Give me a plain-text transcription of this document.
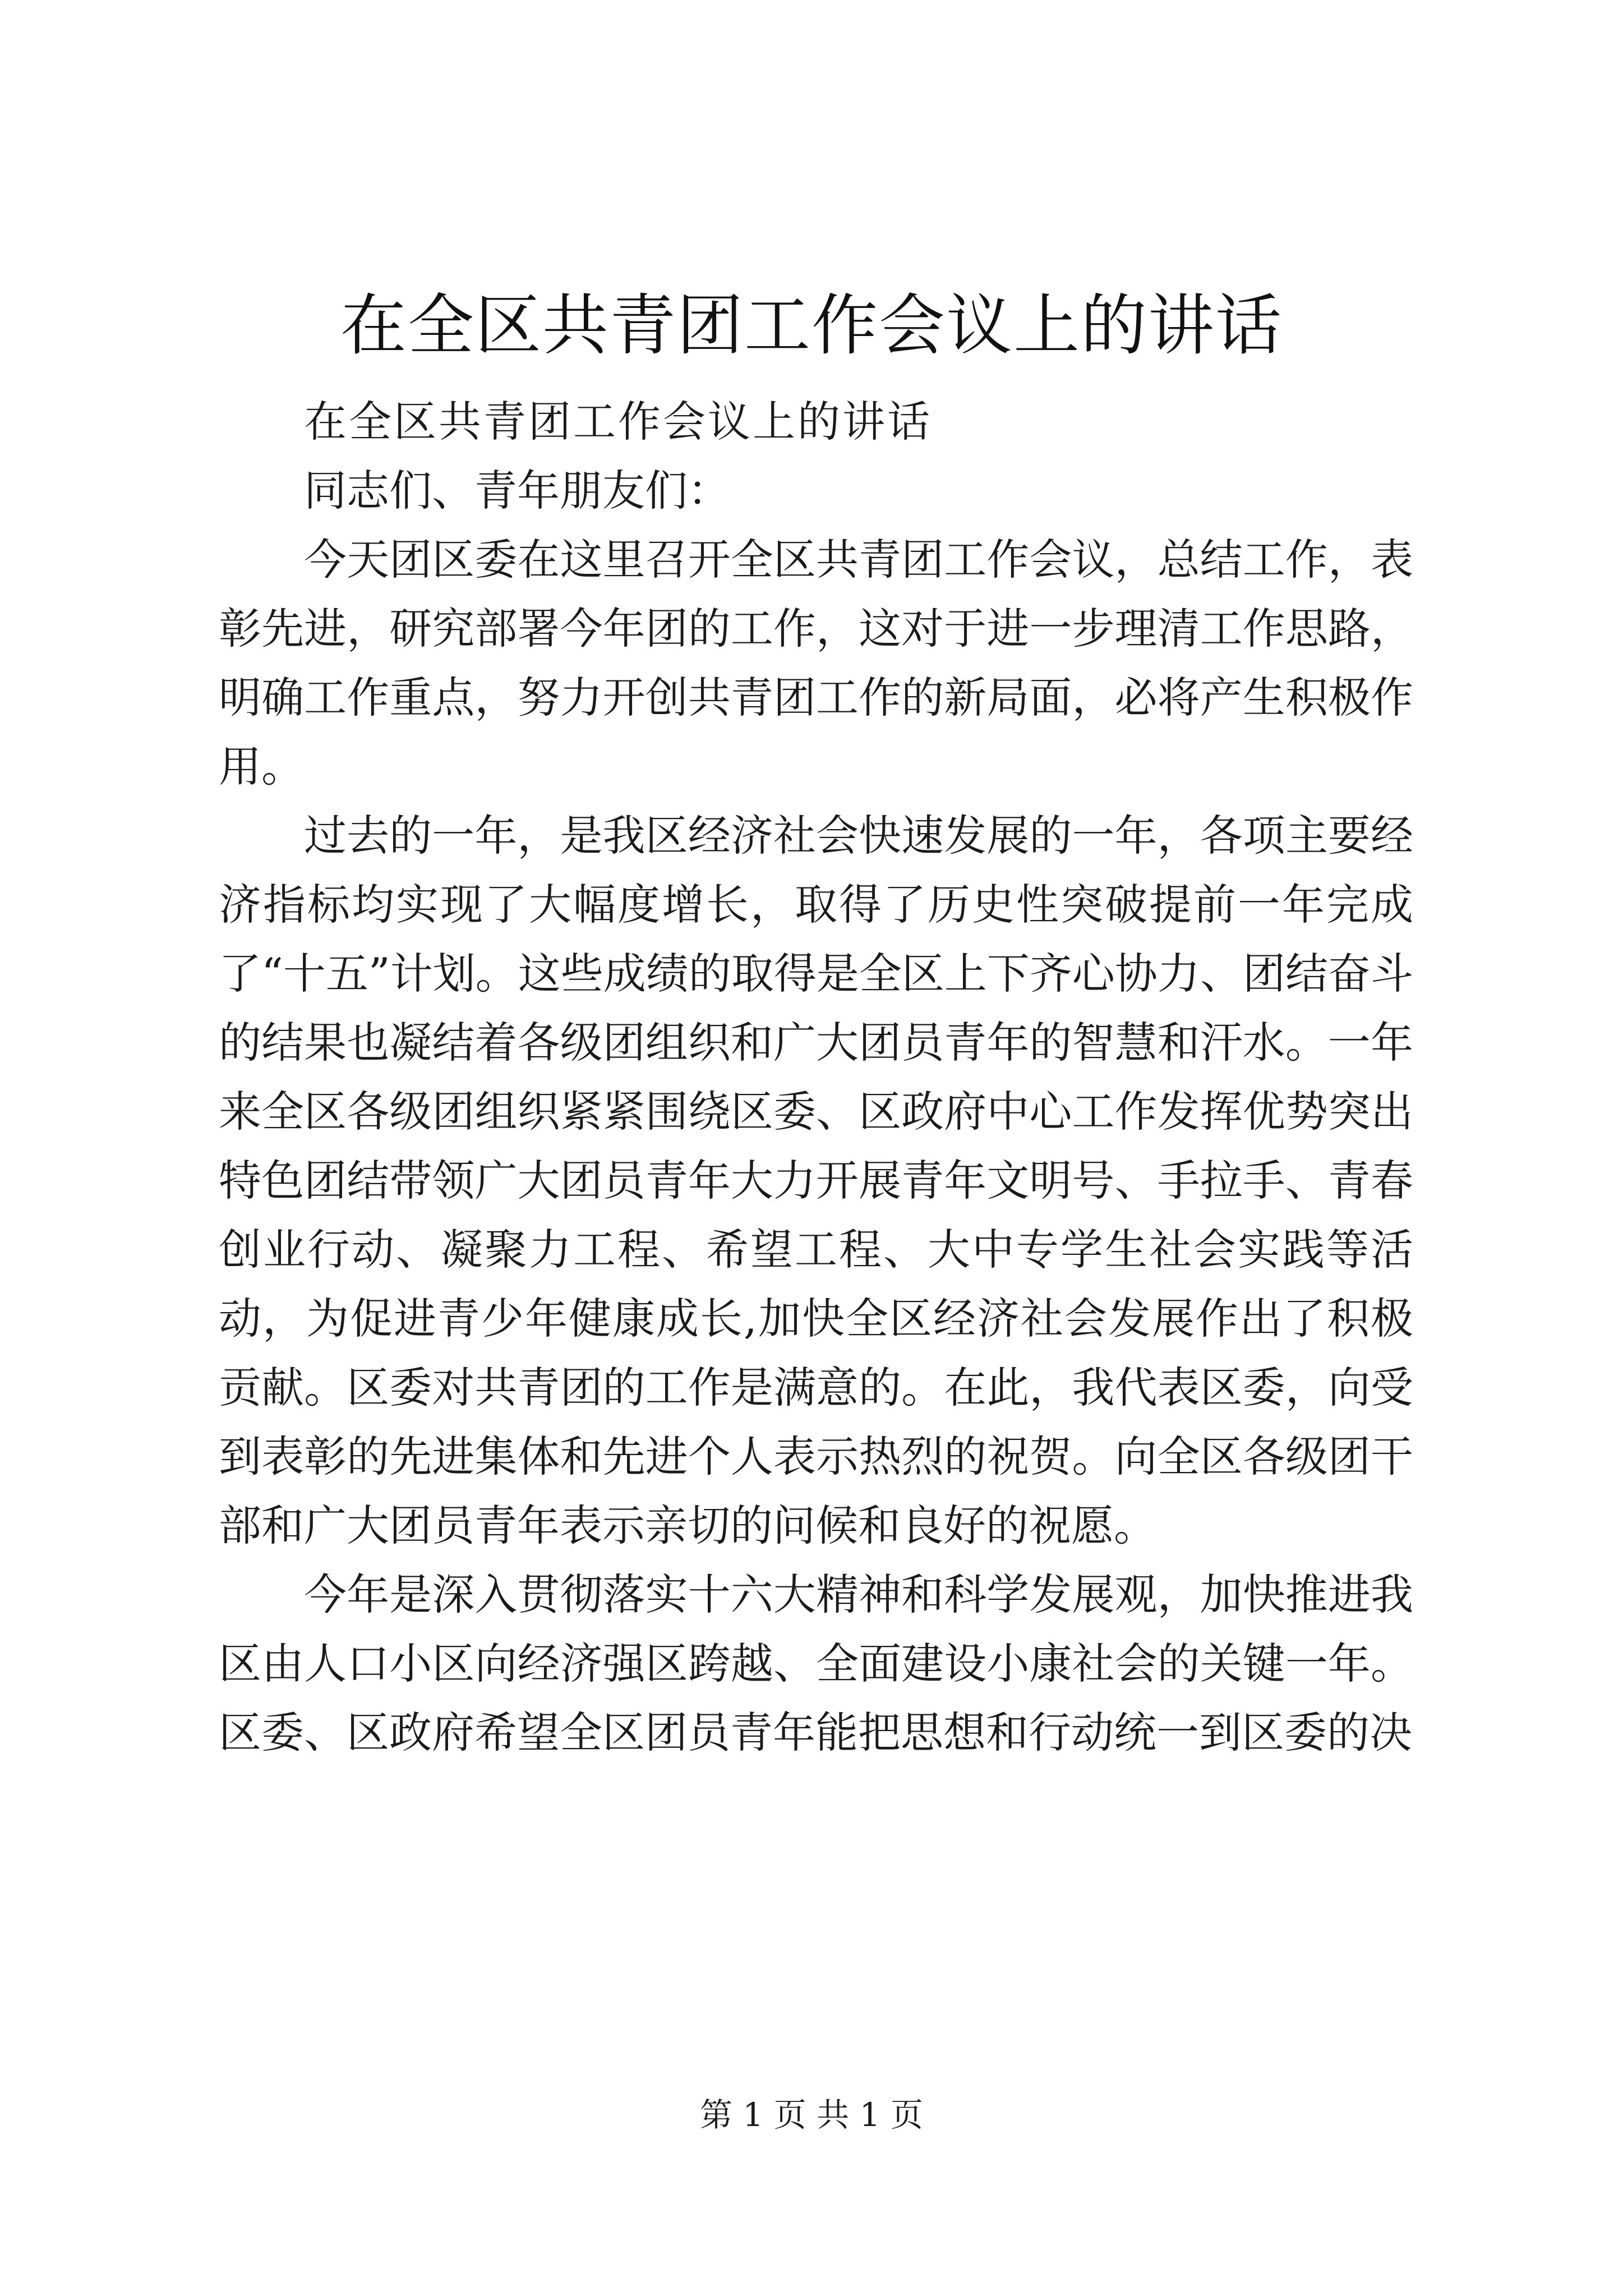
在全区共青团工作会议上的讲话

在全区共青团工作会议上的讲话

同志们、青年朋友们：

今天团区委在这里召开全区共青团工作会议，总结工作，表彰先进，研究部署今年团的工作，这对于进一步理清工作思路，明确工作重点，努力开创共青团工作的新局面，必将产生积极作用。

过去的一年，是我区经济社会快速发展的一年，各项主要经济指标均实现了大幅度增长，取得了历史性突破提前一年完成了“十五”计划。这些成绩的取得是全区上下齐心协力、团结奋斗的结果也凝结着各级团组织和广大团员青年的智慧和汗水。一年来全区各级团组织紧紧围绕区委、区政府中心工作发挥优势突出特色团结带领广大团员青年大力开展青年文明号、手拉手、青春创业行动、凝聚力工程、希望工程、大中专学生社会实践等活动，为促进青少年健康成长,加快全区经济社会发展作出了积极贡献。区委对共青团的工作是满意的。在此，我代表区委，向受到表彰的先进集体和先进个人表示热烈的祝贺。向全区各级团干部和广大团员青年表示亲切的问候和良好的祝愿。

今年是深入贯彻落实十六大精神和科学发展观，加快推进我区由人口小区向经济强区跨越、全面建设小康社会的关键一年。区委、区政府希望全区团员青年能把思想和行动统一到区委的决

第 1 页 共 1 页
